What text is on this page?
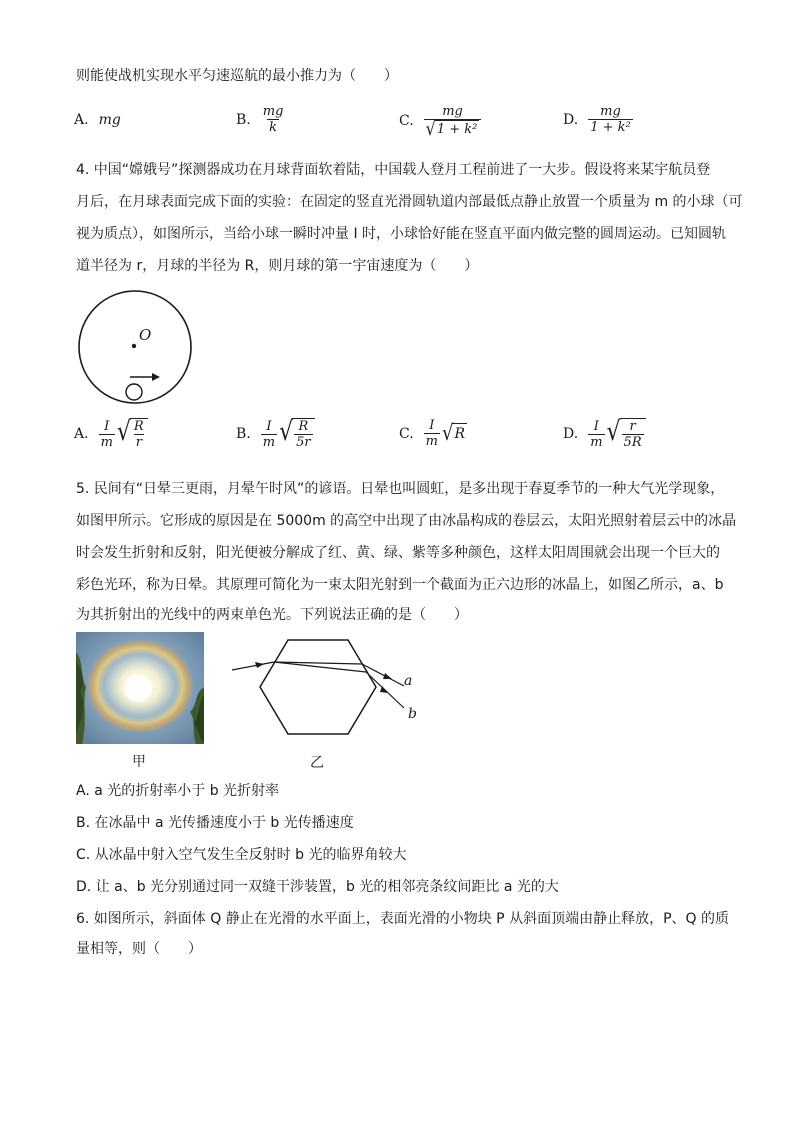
则能使战机实现水平匀速巡航的最小推力为（　　）
A. mg	B. $\frac{mg}{k}$	C. $\frac{mg}{\text{√ 1 + k²}}$	D. $\frac{mg}{\text{1 + k²}}$
4. 中国“嫦娥号”探测器成功在月球背面软着陆，中国载人登月工程前进了一大步。假设将来某宇航员登
月后，在月球表面完成下面的实验：在固定的竖直光滑圆轨道内部最低点静止放置一个质量为 m 的小球（可
视为质点），如图所示，当给小球一瞬时冲量 I 时，小球恰好能在竖直平面内做完整的圆周运动。已知圆轨
道半径为 r，月球的半径为 R，则月球的第一宇宙速度为（　　）
O
A. $\frac{I}{m}$ √ $\frac{R}{r}$	B. $\frac{I}{m}$ √ $\frac{R}{5r}$	C. $\frac{I}{m}$ √ R	D. $\frac{I}{m}$ √ $\frac{r}{5R}$
5. 民间有“日晕三更雨，月晕午时风”的谚语。日晕也叫圆虹，是多出现于春夏季节的一种大气光学现象，
如图甲所示。它形成的原因是在 5000m 的高空中出现了由冰晶构成的卷层云，太阳光照射着层云中的冰晶
时会发生折射和反射，阳光便被分解成了红、黄、绿、紫等多种颜色，这样太阳周围就会出现一个巨大的
彩色光环，称为日晕。其原理可简化为一束太阳光射到一个截面为正六边形的冰晶上，如图乙所示，a、b
为其折射出的光线中的两束单色光。下列说法正确的是（　　）
甲
a
b
乙
A. a 光的折射率小于 b 光折射率
B. 在冰晶中 a 光传播速度小于 b 光传播速度
C. 从冰晶中射入空气发生全反射时 b 光的临界角较大
D. 让 a、b 光分别通过同一双缝干涉装置，b 光的相邻亮条纹间距比 a 光的大
6. 如图所示，斜面体 Q 静止在光滑的水平面上，表面光滑的小物块 P 从斜面顶端由静止释放，P、Q 的质
量相等，则（　　）
